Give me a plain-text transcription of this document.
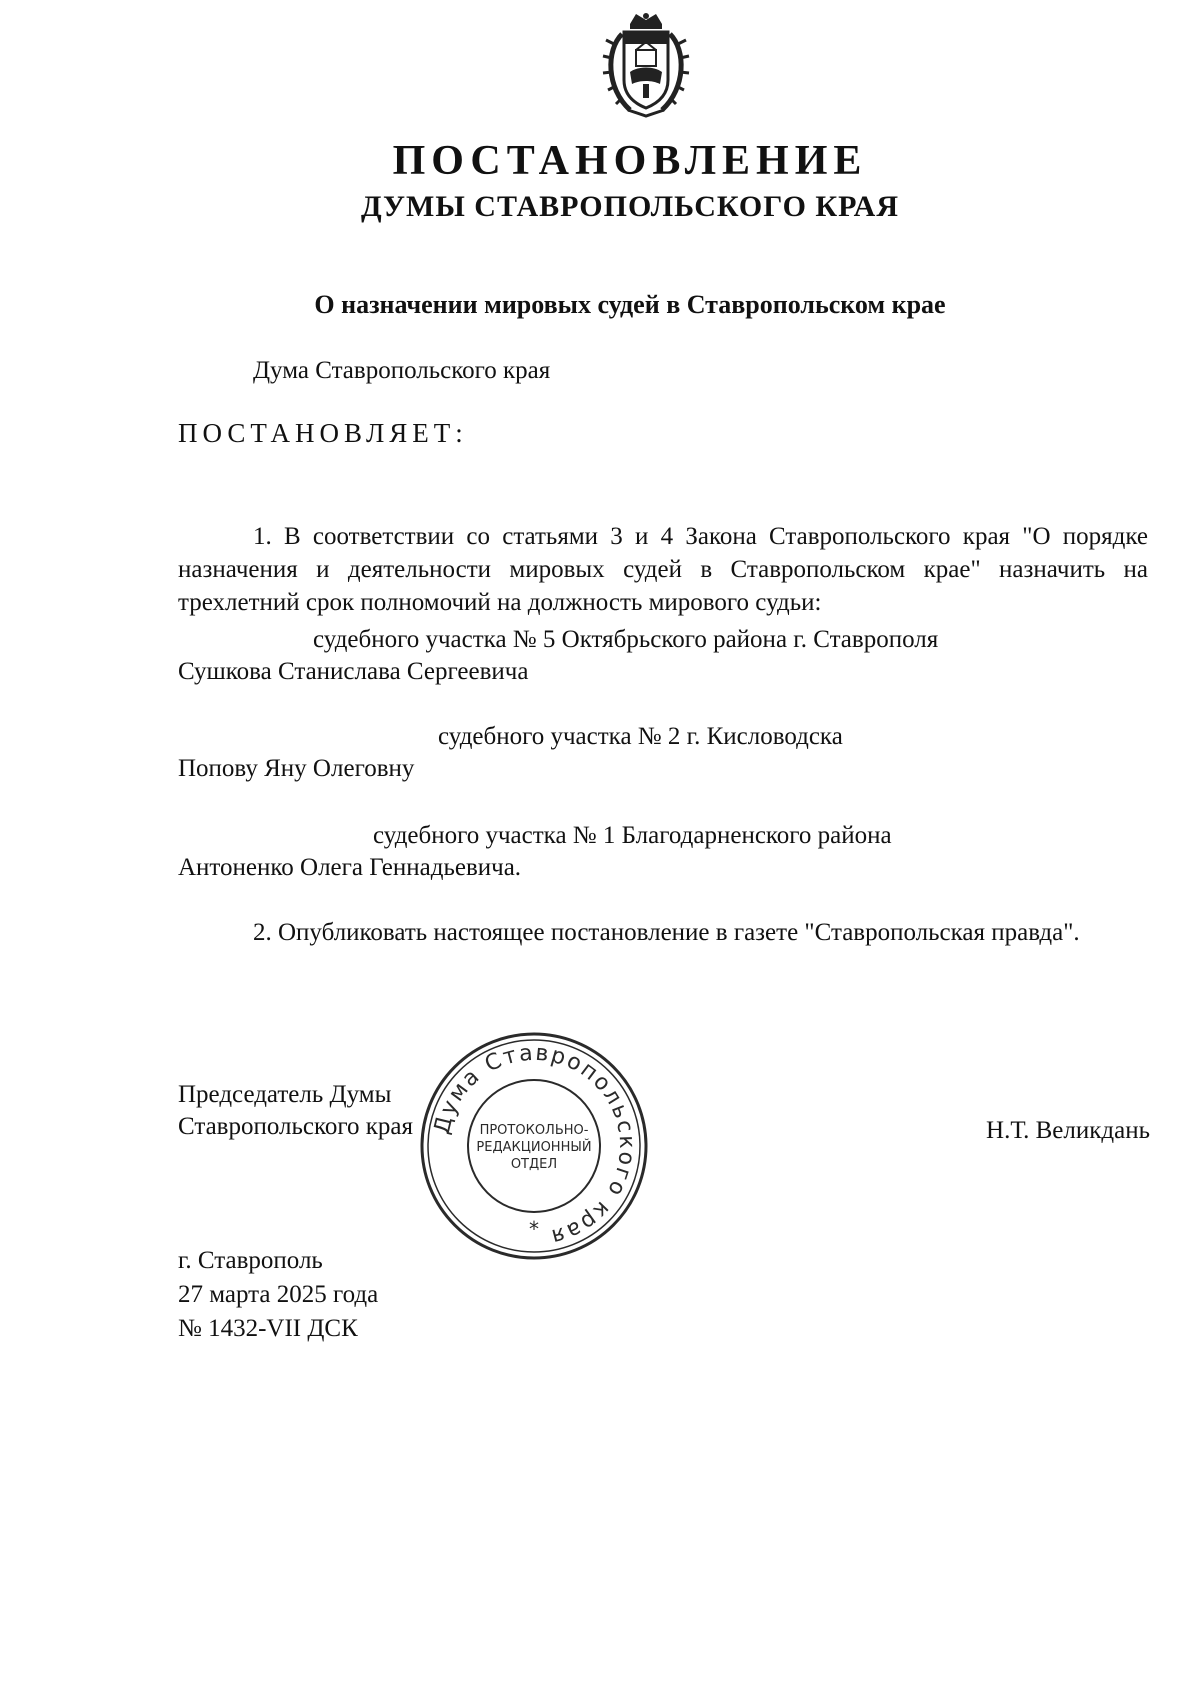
ПОСТАНОВЛЕНИЕ
ДУМЫ СТАВРОПОЛЬСКОГО КРАЯ
О назначении мировых судей в Ставропольском крае
Дума Ставропольского края
ПОСТАНОВЛЯЕТ:
1. В соответствии со статьями 3 и 4 Закона Ставропольского края "О порядке назначения и деятельности мировых судей в Ставропольском крае" назначить на трехлетний срок полномочий на должность мирового судьи:
судебного участка № 5 Октябрьского района г. Ставрополя
Сушкова Станислава Сергеевича
судебного участка № 2 г. Кисловодска
Попову Яну Олеговну
судебного участка № 1 Благодарненского района
Антоненко Олега Геннадьевича.
2. Опубликовать настоящее постановление в газете "Ставропольская правда".
Председатель Думы
Ставропольского края	Н.Т. Великдань
Дума Ставропольского края
ПРОТОКОЛЬНО-
РЕДАКЦИОННЫЙ
ОТДЕЛ
*
г. Ставрополь
27 марта 2025 года
№ 1432-VII ДСК
